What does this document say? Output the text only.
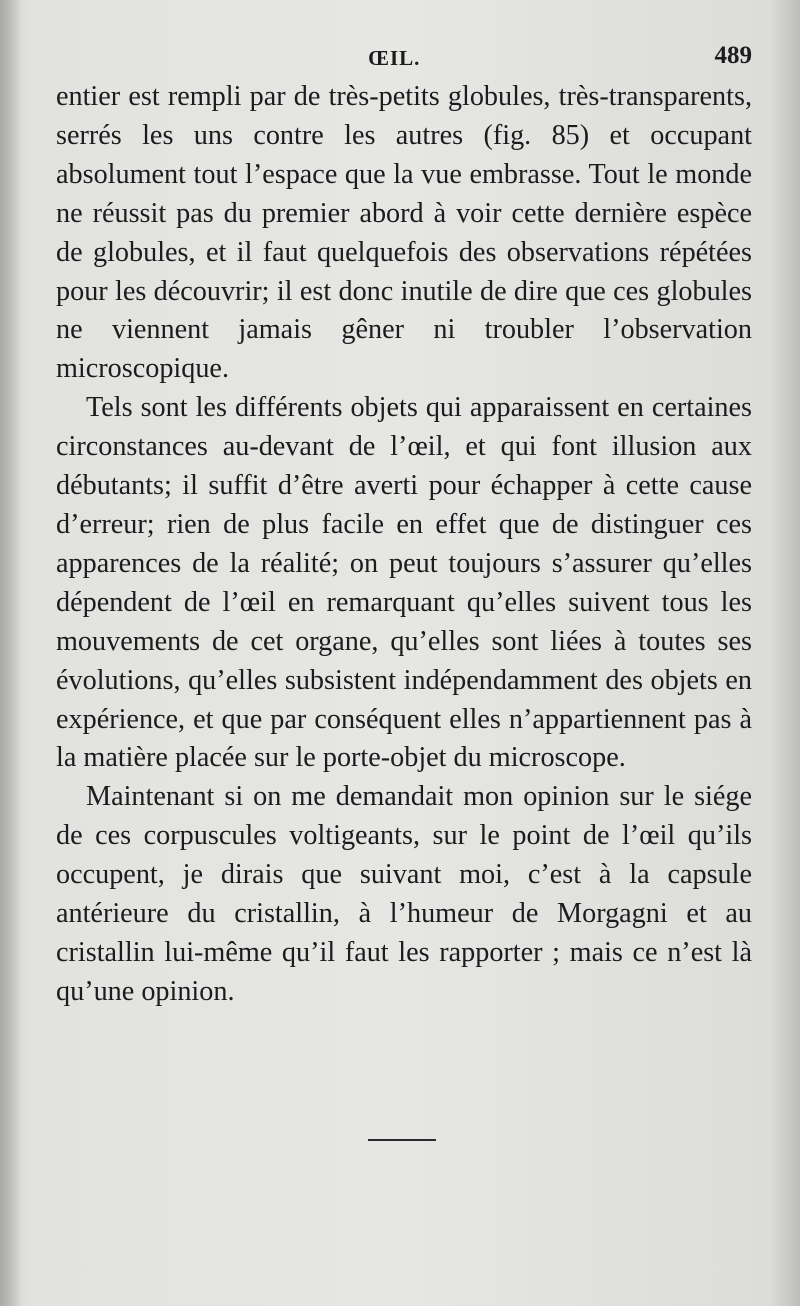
ŒIL.	489

entier est rempli par de très-petits globules, très-transparents, serrés les uns contre les autres (fig. 85) et occupant absolument tout l’espace que la vue embrasse. Tout le monde ne réussit pas du premier abord à voir cette dernière espèce de globules, et il faut quelquefois des observations répétées pour les découvrir; il est donc inutile de dire que ces globules ne viennent jamais gêner ni troubler l’observation microscopique.

Tels sont les différents objets qui apparaissent en certaines circonstances au-devant de l’œil, et qui font illusion aux débutants; il suffit d’être averti pour échapper à cette cause d’erreur; rien de plus facile en effet que de distinguer ces apparences de la réalité; on peut toujours s’assurer qu’elles dépendent de l’œil en remarquant qu’elles suivent tous les mouvements de cet organe, qu’elles sont liées à toutes ses évolutions, qu’elles subsistent indépendamment des objets en expérience, et que par conséquent elles n’appartiennent pas à la matière placée sur le porte-objet du microscope.

Maintenant si on me demandait mon opinion sur le siége de ces corpuscules voltigeants, sur le point de l’œil qu’ils occupent, je dirais que suivant moi, c’est à la capsule antérieure du cristallin, à l’humeur de Morgagni et au cristallin lui-même qu’il faut les rapporter ; mais ce n’est là qu’une opinion.
